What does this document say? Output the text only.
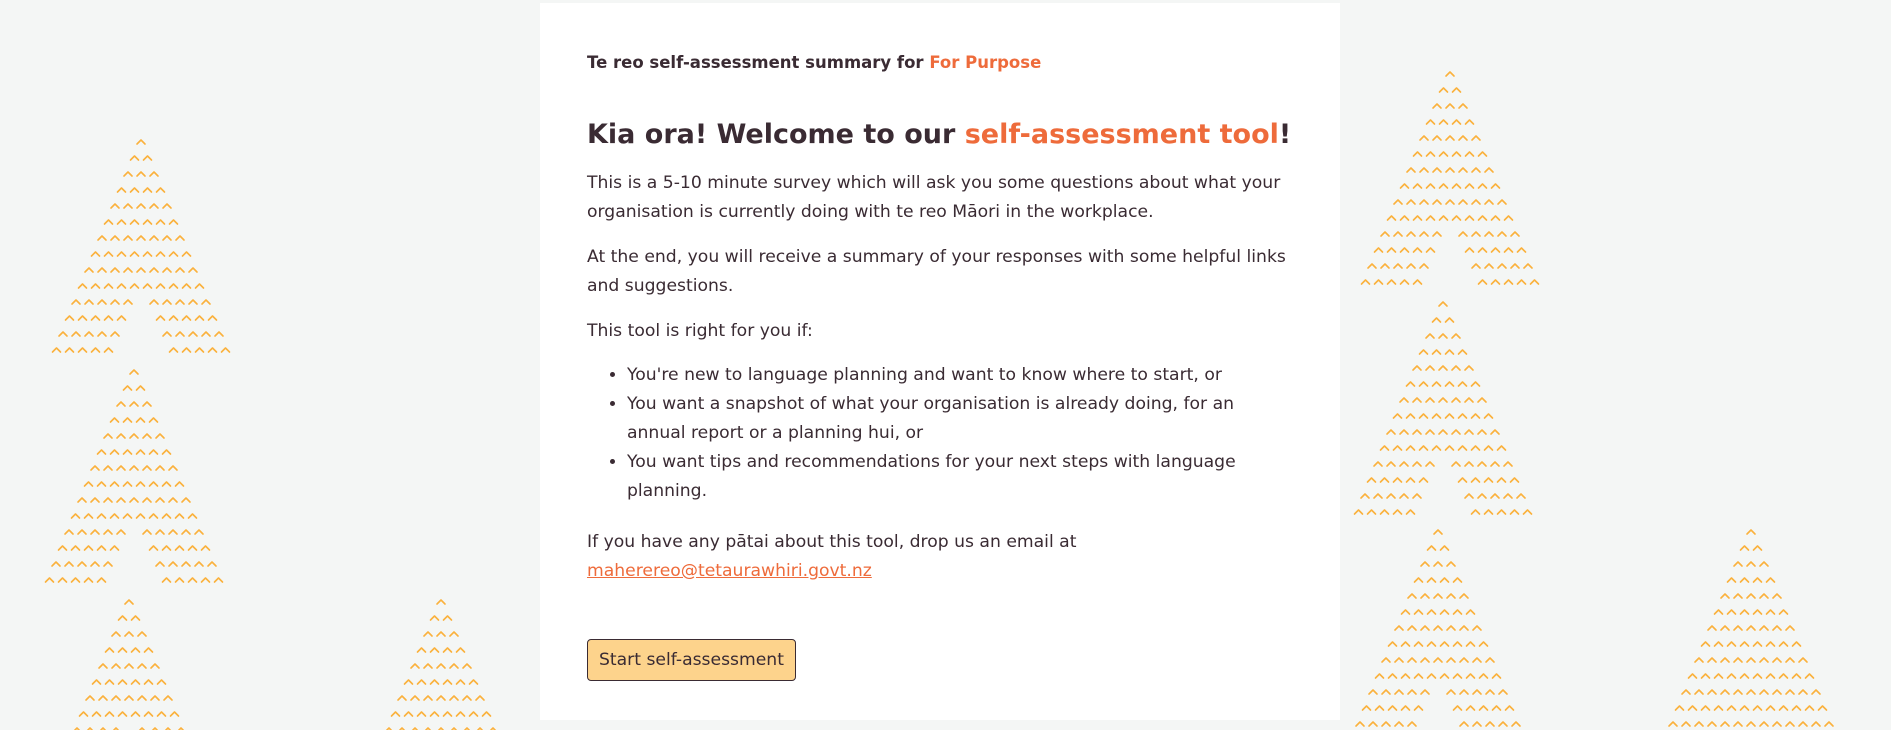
Te reo self-assessment summary for For Purpose

Kia ora! Welcome to our self-assessment tool!

This is a 5-10 minute survey which will ask you some questions about what your organisation is currently doing with te reo Māori in the workplace.

At the end, you will receive a summary of your responses with some helpful links and suggestions.

This tool is right for you if:

• You're new to language planning and want to know where to start, or
• You want a snapshot of what your organisation is already doing, for an annual report or a planning hui, or
• You want tips and recommendations for your next steps with language planning.

If you have any pātai about this tool, drop us an email at
maherereo@tetaurawhiri.govt.nz

Start self-assessment
